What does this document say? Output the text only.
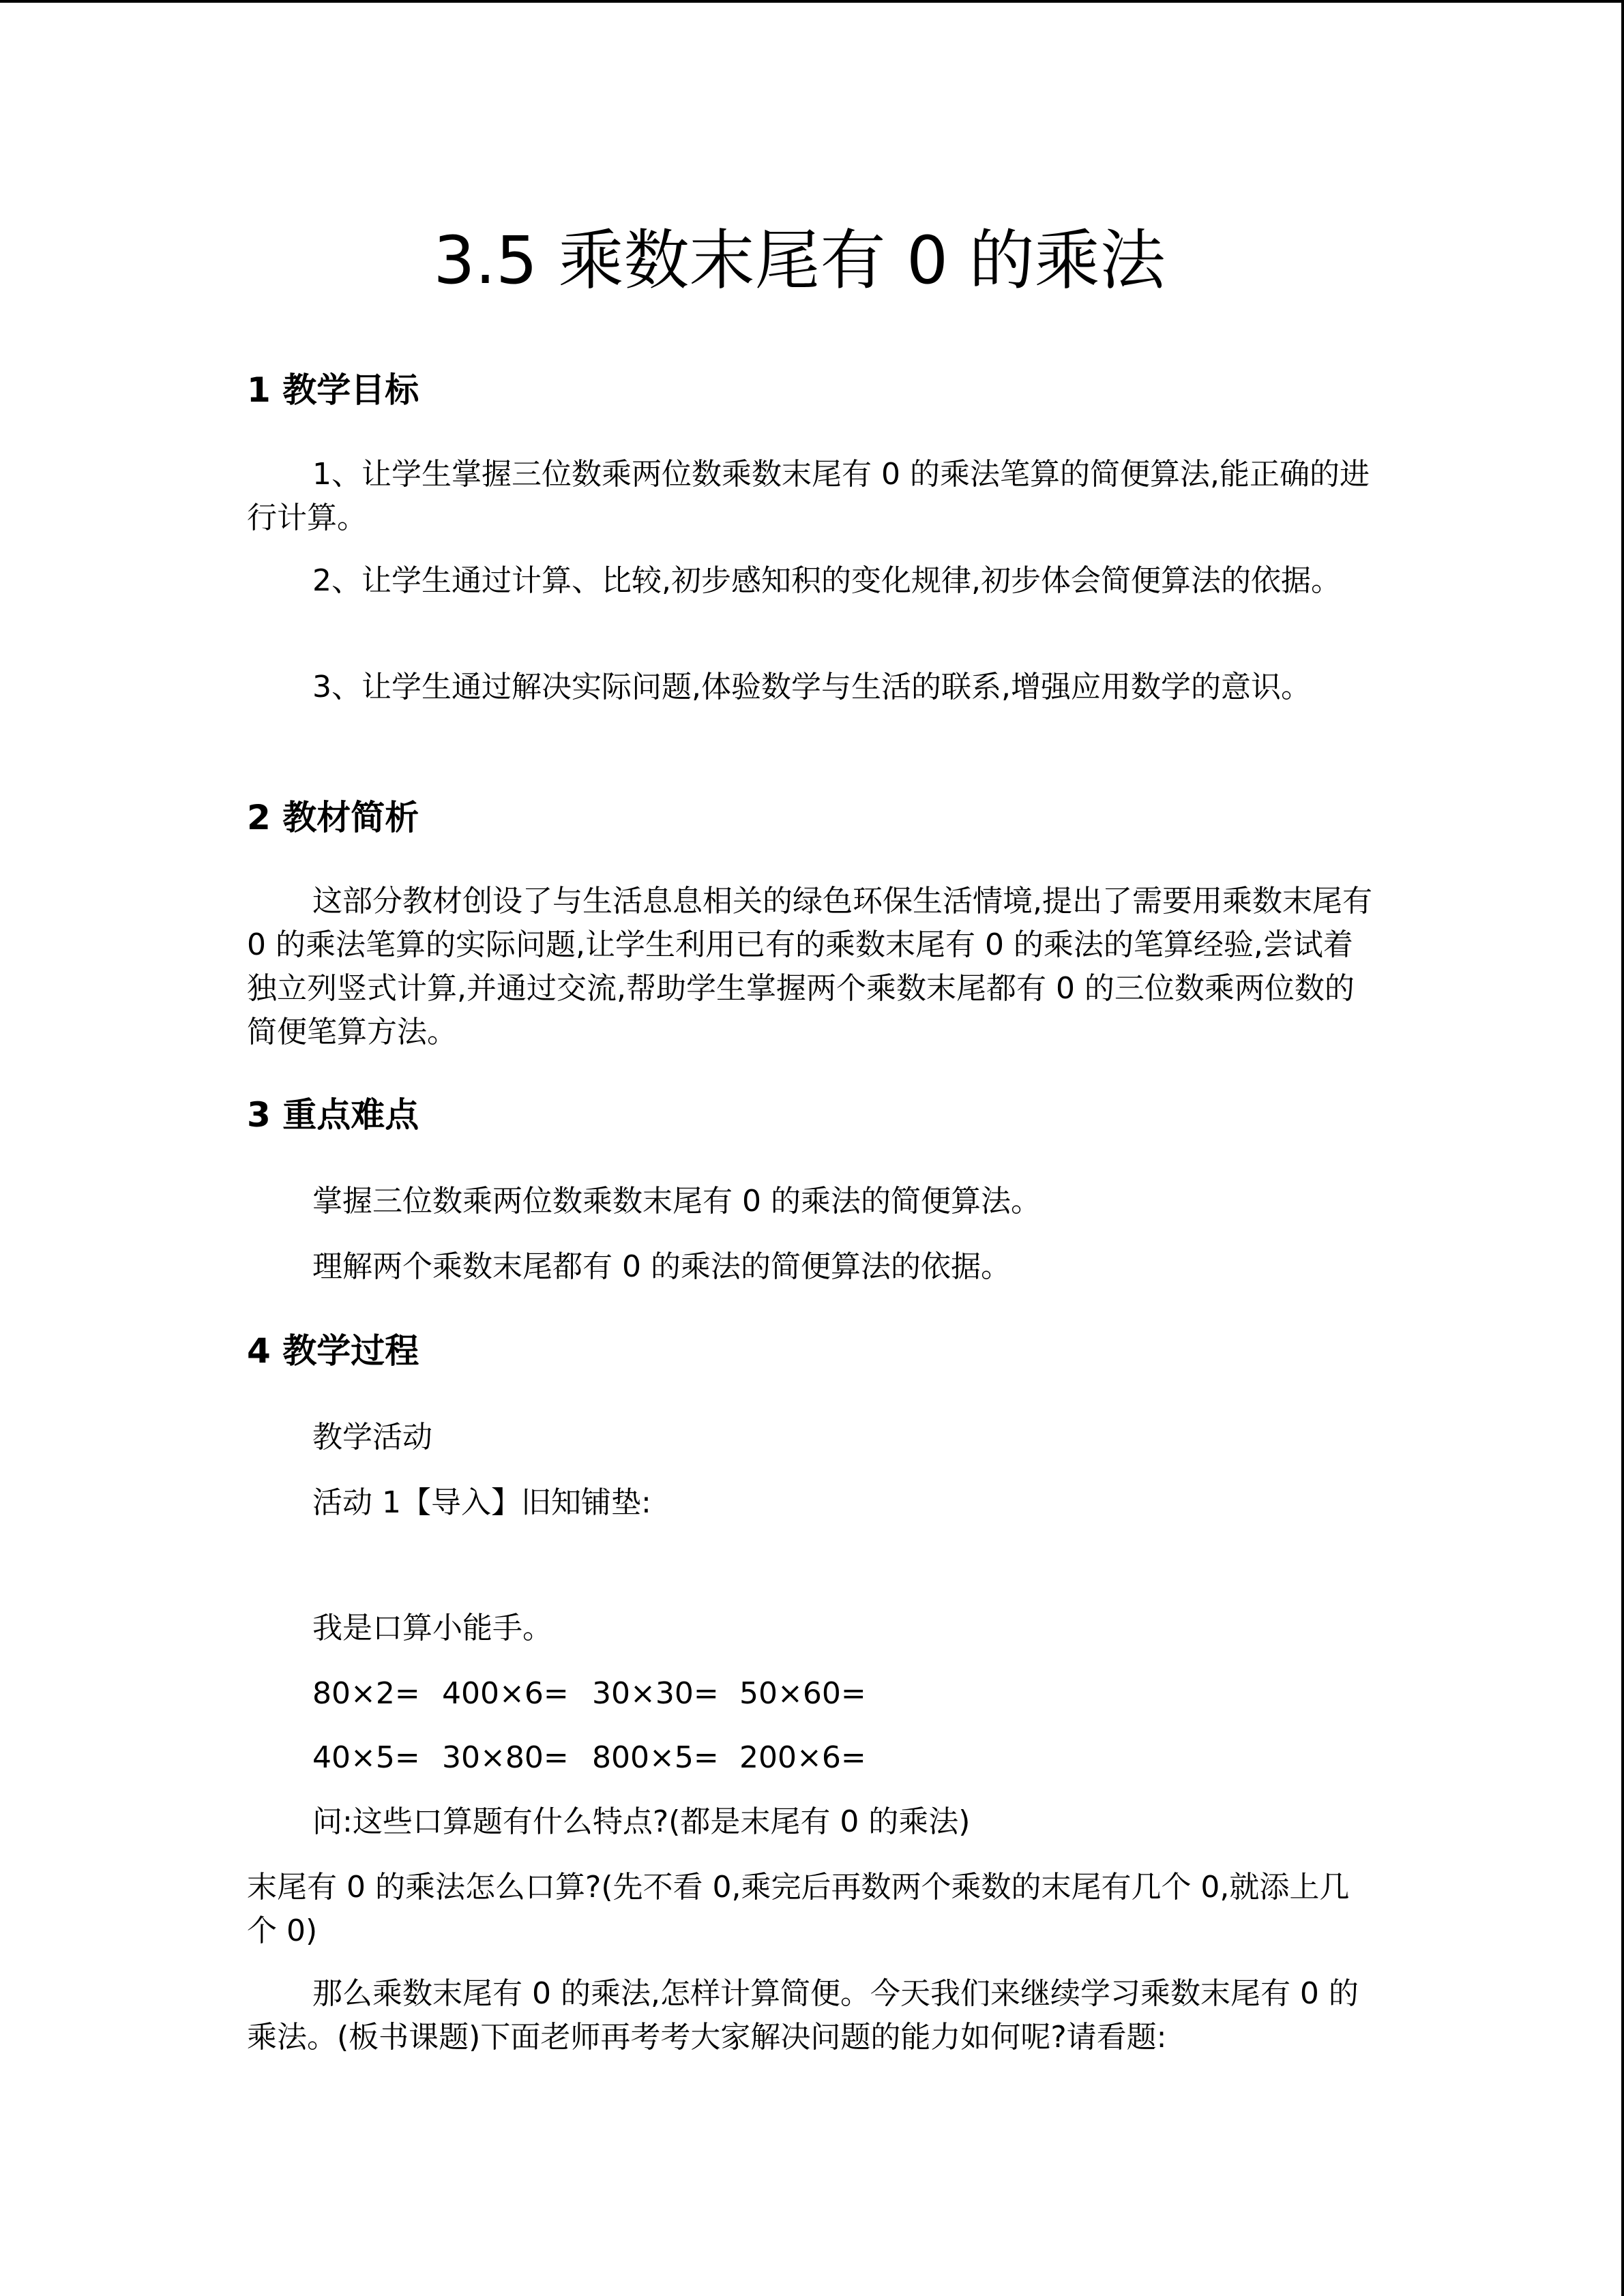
3.5 乘数末尾有 0 的乘法
1 教学目标
1、让学生掌握三位数乘两位数乘数末尾有 0 的乘法笔算的简便算法,能正确的进行计算。
2、让学生通过计算、比较,初步感知积的变化规律,初步体会简便算法的依据。
3、让学生通过解决实际问题,体验数学与生活的联系,增强应用数学的意识。
2 教材简析
这部分教材创设了与生活息息相关的绿色环保生活情境,提出了需要用乘数末尾有 0 的乘法笔算的实际问题,让学生利用已有的乘数末尾有 0 的乘法的笔算经验,尝试着独立列竖式计算,并通过交流,帮助学生掌握两个乘数末尾都有 0 的三位数乘两位数的简便笔算方法。
3 重点难点
掌握三位数乘两位数乘数末尾有 0 的乘法的简便算法。
理解两个乘数末尾都有 0 的乘法的简便算法的依据。
4 教学过程
教学活动
活动 1【导入】旧知铺垫:
我是口算小能手。
80×2= 400×6= 30×30= 50×60=
40×5= 30×80= 800×5= 200×6=
问:这些口算题有什么特点?(都是末尾有 0 的乘法)
末尾有 0 的乘法怎么口算?(先不看 0,乘完后再数两个乘数的末尾有几个 0,就添上几个 0)
那么乘数末尾有 0 的乘法,怎样计算简便。今天我们来继续学习乘数末尾有 0 的乘法。(板书课题)下面老师再考考大家解决问题的能力如何呢?请看题:
